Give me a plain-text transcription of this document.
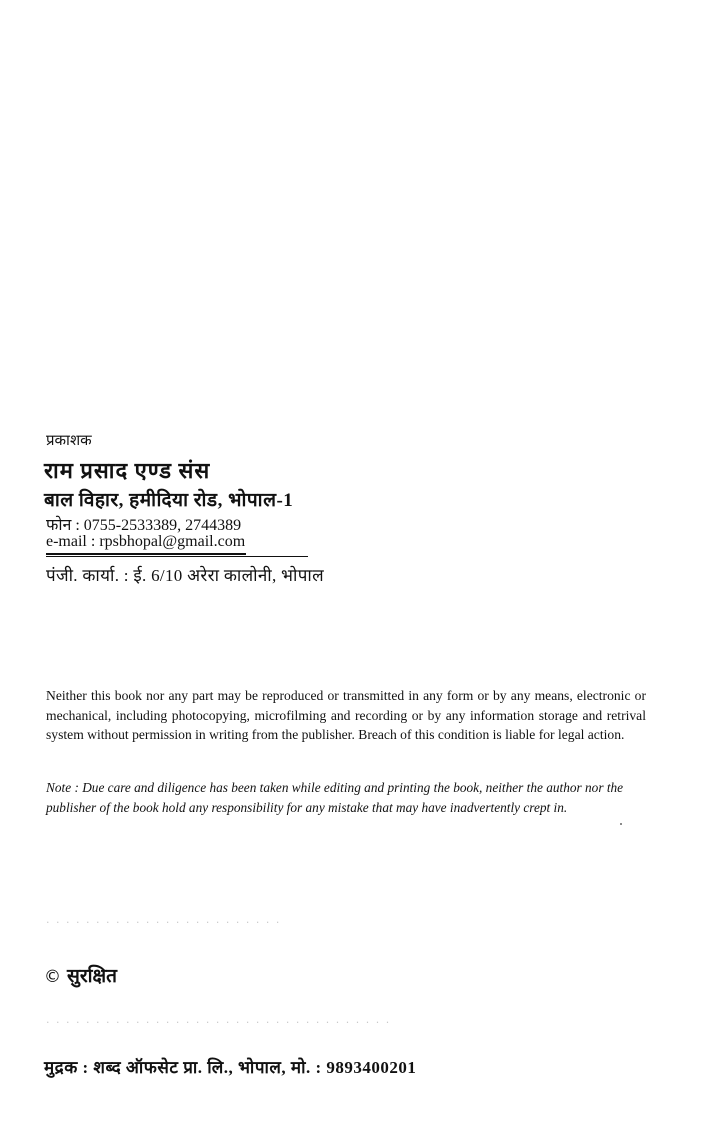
प्रकाशक
राम प्रसाद एण्ड संस
बाल विहार, हमीदिया रोड, भोपाल-1
फोन : 0755-2533389, 2744389
e-mail : rpsbhopal@gmail.com
पंजी. कार्या. : ई. 6/10 अरेरा कालोनी, भोपाल
Neither this book nor any part may be reproduced or transmitted in any form or by any means, electronic or mechanical, including photocopying, microfilming and recording or by any information storage and retrival system without permission in writing from the publisher. Breach of this condition is liable for legal action.
Note : Due care and diligence has been taken while editing and printing the book, neither the author nor the publisher of the book hold any responsibility for any mistake that may have inadvertently crept in.
· · · · · · · · · · · · · · · · · · · · · · · ·
© सुरक्षित
· · · · · · · · · · · · · · · · · · · · · · · · · · · · · · · · · · ·
मुद्रक : शब्द ऑफसेट प्रा. लि., भोपाल, मो. : 9893400201
